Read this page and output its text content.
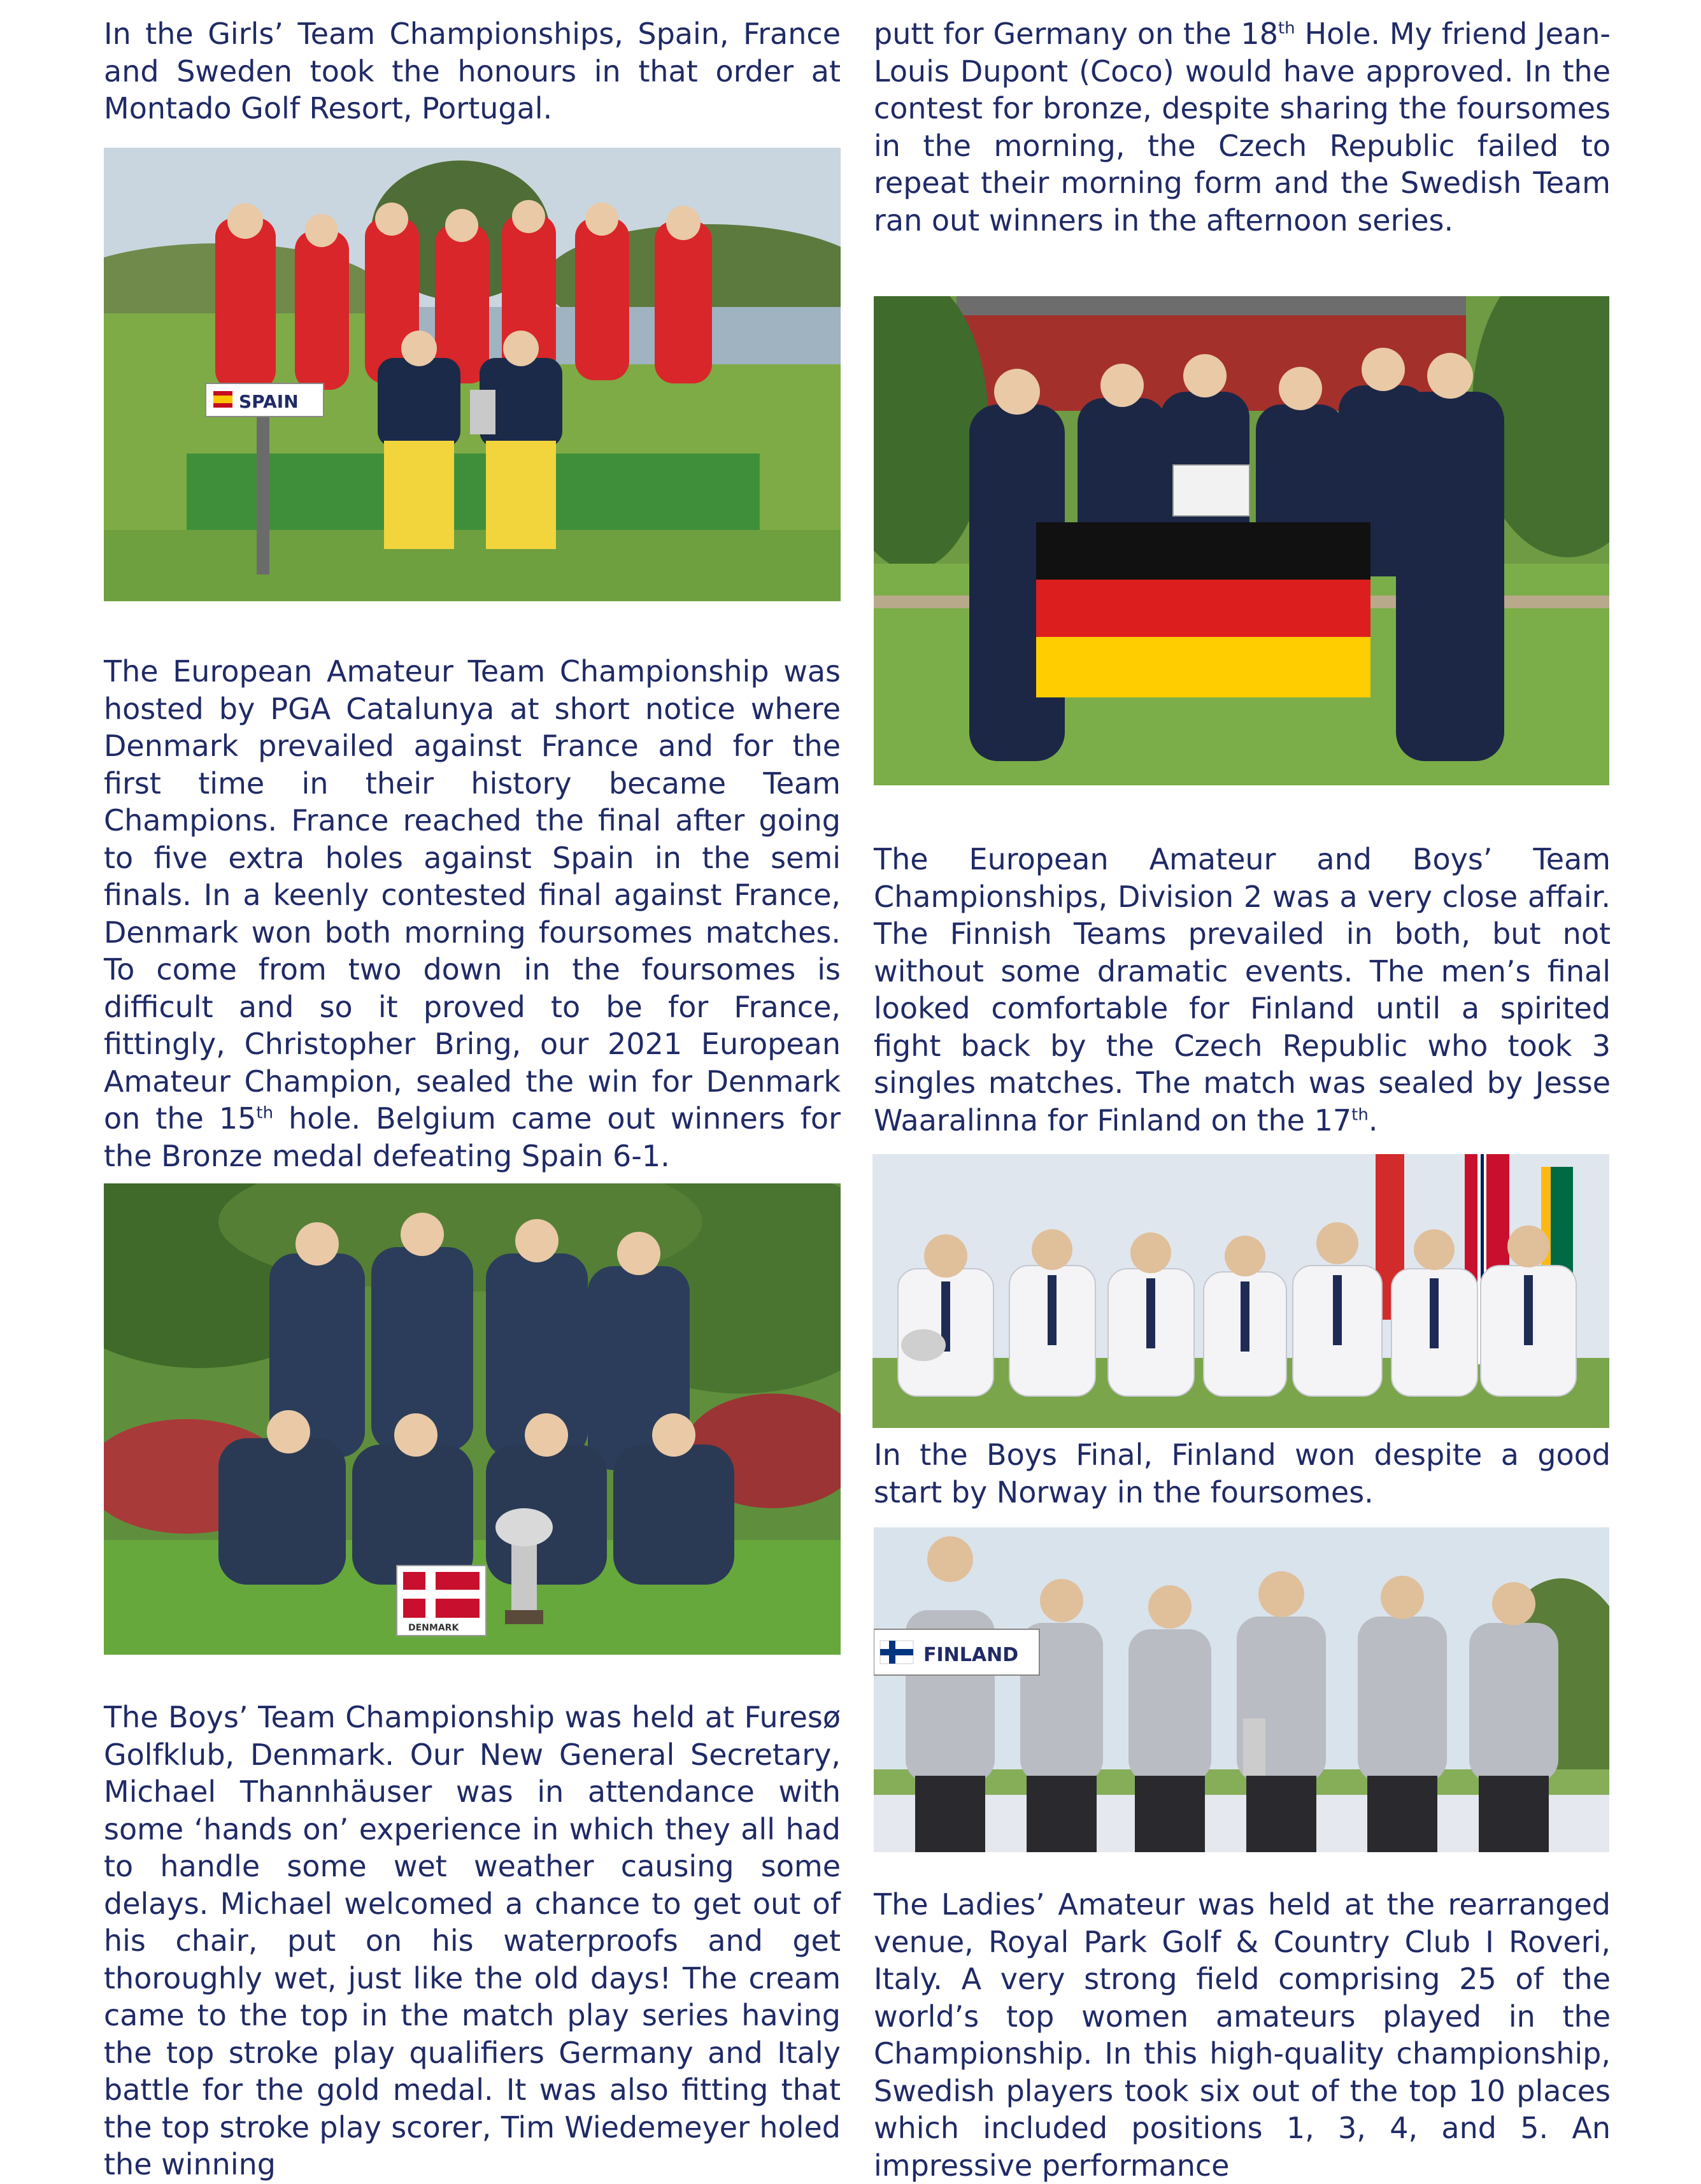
In the Girls’ Team Championships, Spain, France and Sweden took the honours in that order at Montado Golf Resort, Portugal.

SPAIN

The European Amateur Team Championship was hosted by PGA Catalunya at short notice where Denmark prevailed against France and for the first time in their history became Team Champions. France reached the final after going to five extra holes against Spain in the semi finals. In a keenly contested final against France, Denmark won both morning foursomes matches. To come from two down in the foursomes is difficult and so it proved to be for France, fittingly, Christopher Bring, our 2021 European Amateur Champion, sealed the win for Denmark on the 15th hole. Belgium came out winners for the Bronze medal defeating Spain 6-1.

DENMARK

The Boys’ Team Championship was held at Furesø Golfklub, Denmark. Our New General Secretary, Michael Thannhäuser was in attendance with some ‘hands on’ experience in which they all had to handle some wet weather causing some delays. Michael welcomed a chance to get out of his chair, put on his waterproofs and get thoroughly wet, just like the old days! The cream came to the top in the match play series having the top stroke play qualifiers Germany and Italy battle for the gold medal. It was also fitting that the top stroke play scorer, Tim Wiedemeyer holed the winning

putt for Germany on the 18th Hole. My friend Jean-Louis Dupont (Coco) would have approved. In the contest for bronze, despite sharing the foursomes in the morning, the Czech Republic failed to repeat their morning form and the Swedish Team ran out winners in the afternoon series.

The European Amateur and Boys’ Team Championships, Division 2 was a very close affair. The Finnish Teams prevailed in both, but not without some dramatic events. The men’s final looked comfortable for Finland until a spirited fight back by the Czech Republic who took 3 singles matches. The match was sealed by Jesse Waaralinna for Finland on the 17th.

In the Boys Final, Finland won despite a good start by Norway in the foursomes.

FINLAND

The Ladies’ Amateur was held at the rearranged venue, Royal Park Golf & Country Club I Roveri, Italy. A very strong field comprising 25 of the world’s top women amateurs played in the Championship. In this high-quality championship, Swedish players took six out of the top 10 places which included positions 1, 3, 4, and 5. An impressive performance
